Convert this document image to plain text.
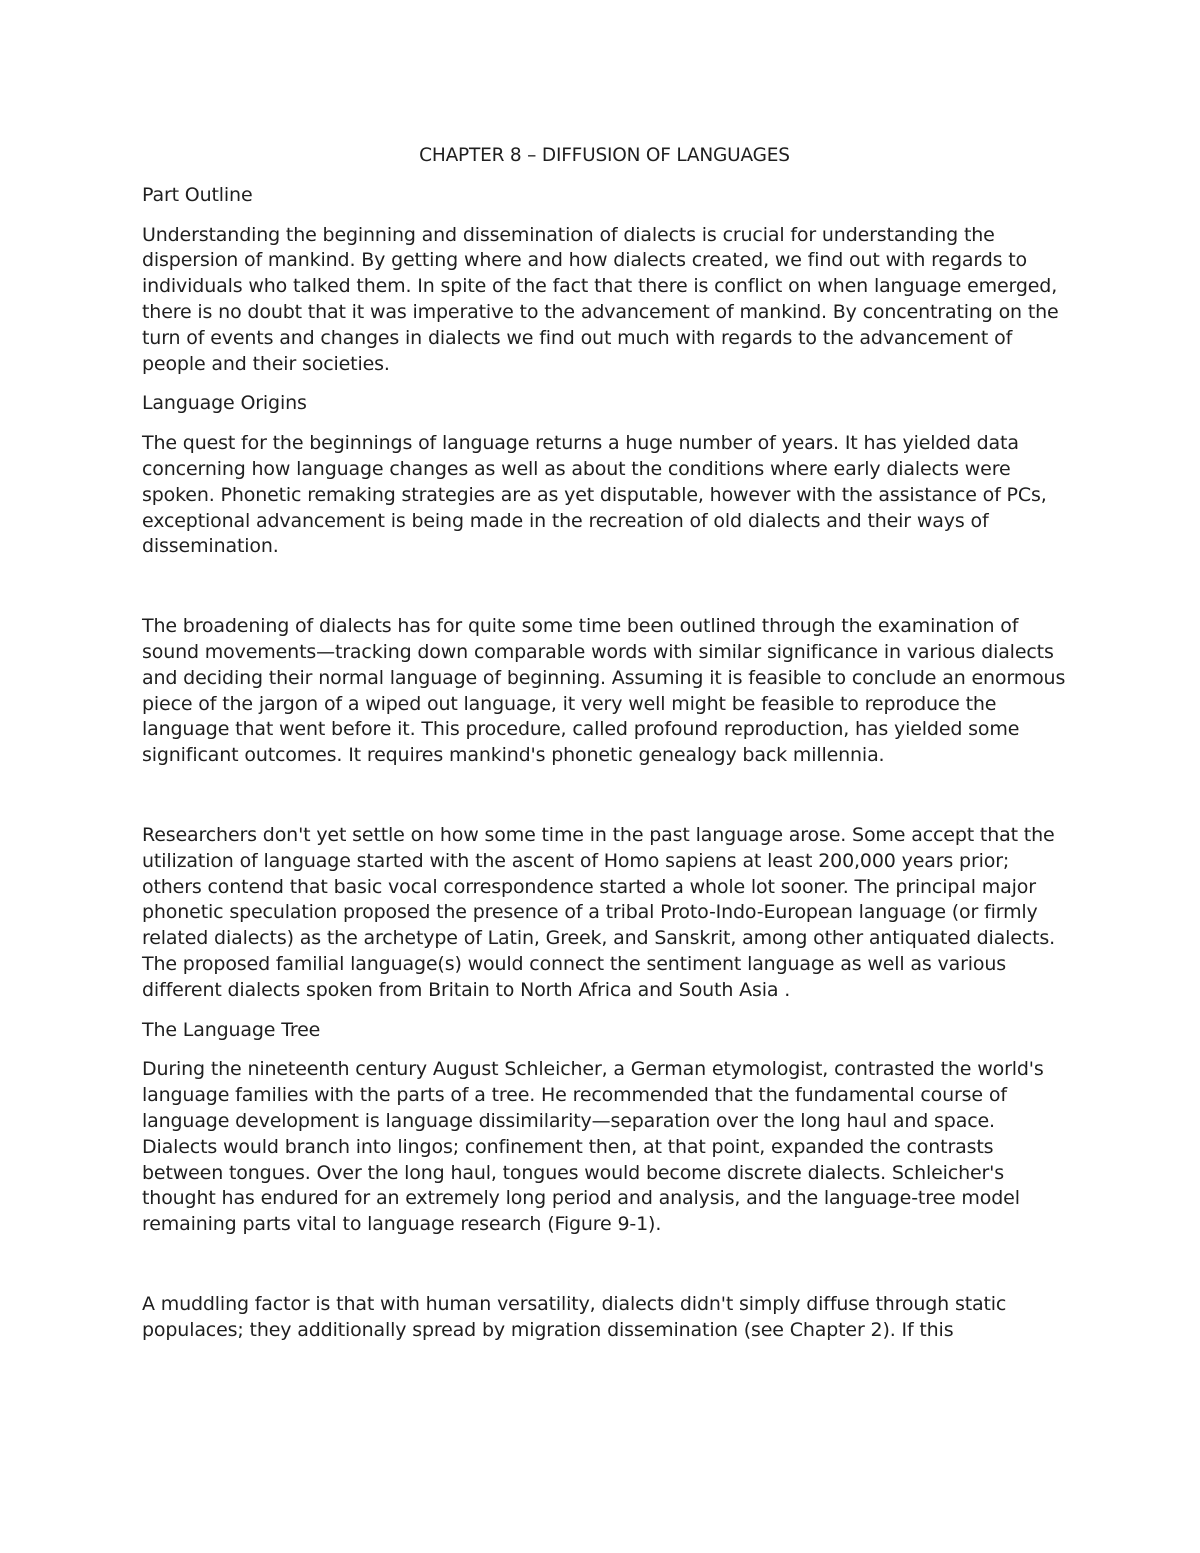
CHAPTER 8 – DIFFUSION OF LANGUAGES

Part Outline

Understanding the beginning and dissemination of dialects is crucial for understanding the dispersion of mankind. By getting where and how dialects created, we find out with regards to individuals who talked them. In spite of the fact that there is conflict on when language emerged, there is no doubt that it was imperative to the advancement of mankind. By concentrating on the turn of events and changes in dialects we find out much with regards to the advancement of people and their societies.

Language Origins

The quest for the beginnings of language returns a huge number of years. It has yielded data concerning how language changes as well as about the conditions where early dialects were spoken. Phonetic remaking strategies are as yet disputable, however with the assistance of PCs, exceptional advancement is being made in the recreation of old dialects and their ways of dissemination.

The broadening of dialects has for quite some time been outlined through the examination of sound movements—tracking down comparable words with similar significance in various dialects and deciding their normal language of beginning. Assuming it is feasible to conclude an enormous piece of the jargon of a wiped out language, it very well might be feasible to reproduce the language that went before it. This procedure, called profound reproduction, has yielded some significant outcomes. It requires mankind's phonetic genealogy back millennia.

Researchers don't yet settle on how some time in the past language arose. Some accept that the utilization of language started with the ascent of Homo sapiens at least 200,000 years prior; others contend that basic vocal correspondence started a whole lot sooner. The principal major phonetic speculation proposed the presence of a tribal Proto-Indo-European language (or firmly related dialects) as the archetype of Latin, Greek, and Sanskrit, among other antiquated dialects. The proposed familial language(s) would connect the sentiment language as well as various different dialects spoken from Britain to North Africa and South Asia .

The Language Tree

During the nineteenth century August Schleicher, a German etymologist, contrasted the world's language families with the parts of a tree. He recommended that the fundamental course of language development is language dissimilarity—separation over the long haul and space. Dialects would branch into lingos; confinement then, at that point, expanded the contrasts between tongues. Over the long haul, tongues would become discrete dialects. Schleicher's thought has endured for an extremely long period and analysis, and the language-tree model remaining parts vital to language research (Figure 9-1).

A muddling factor is that with human versatility, dialects didn't simply diffuse through static populaces; they additionally spread by migration dissemination (see Chapter 2). If this
